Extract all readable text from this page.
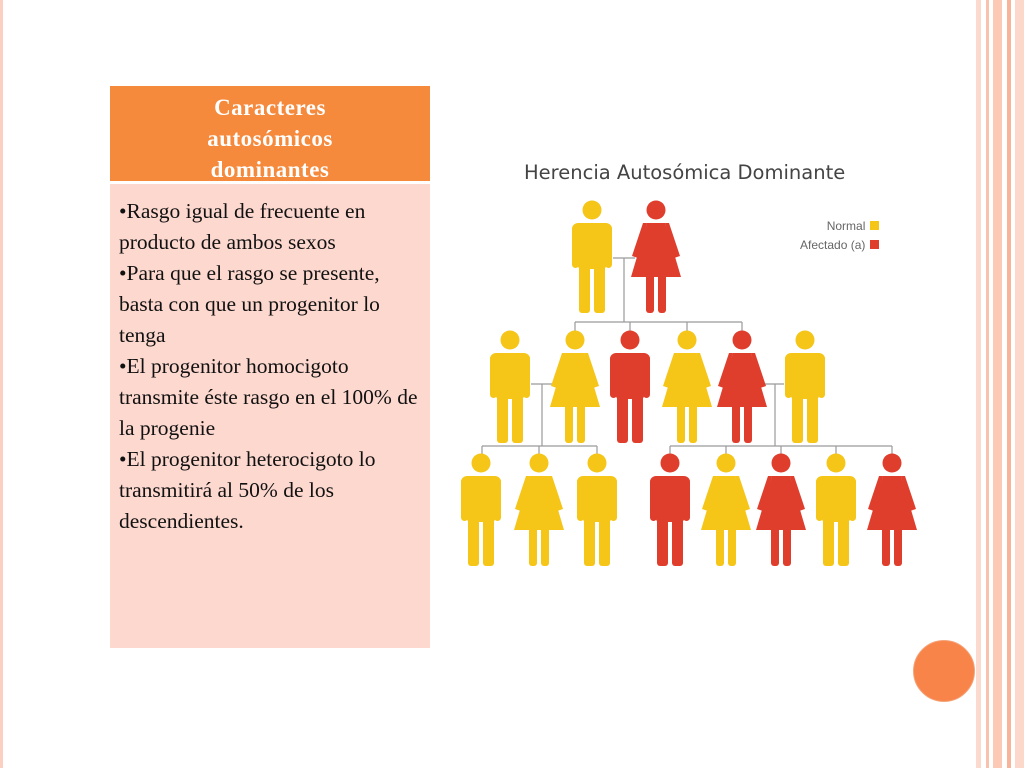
Caracteres
autosómicos
dominantes

•Rasgo igual de frecuente en producto de ambos sexos

•Para que el rasgo se presente, basta con que un progenitor lo tenga

•El progenitor homocigoto transmite éste rasgo en el 100% de la progenie

•El progenitor heterocigoto lo transmitirá al 50% de los descendientes.

Herencia Autosómica Dominante
Normal
Afectado (a)
